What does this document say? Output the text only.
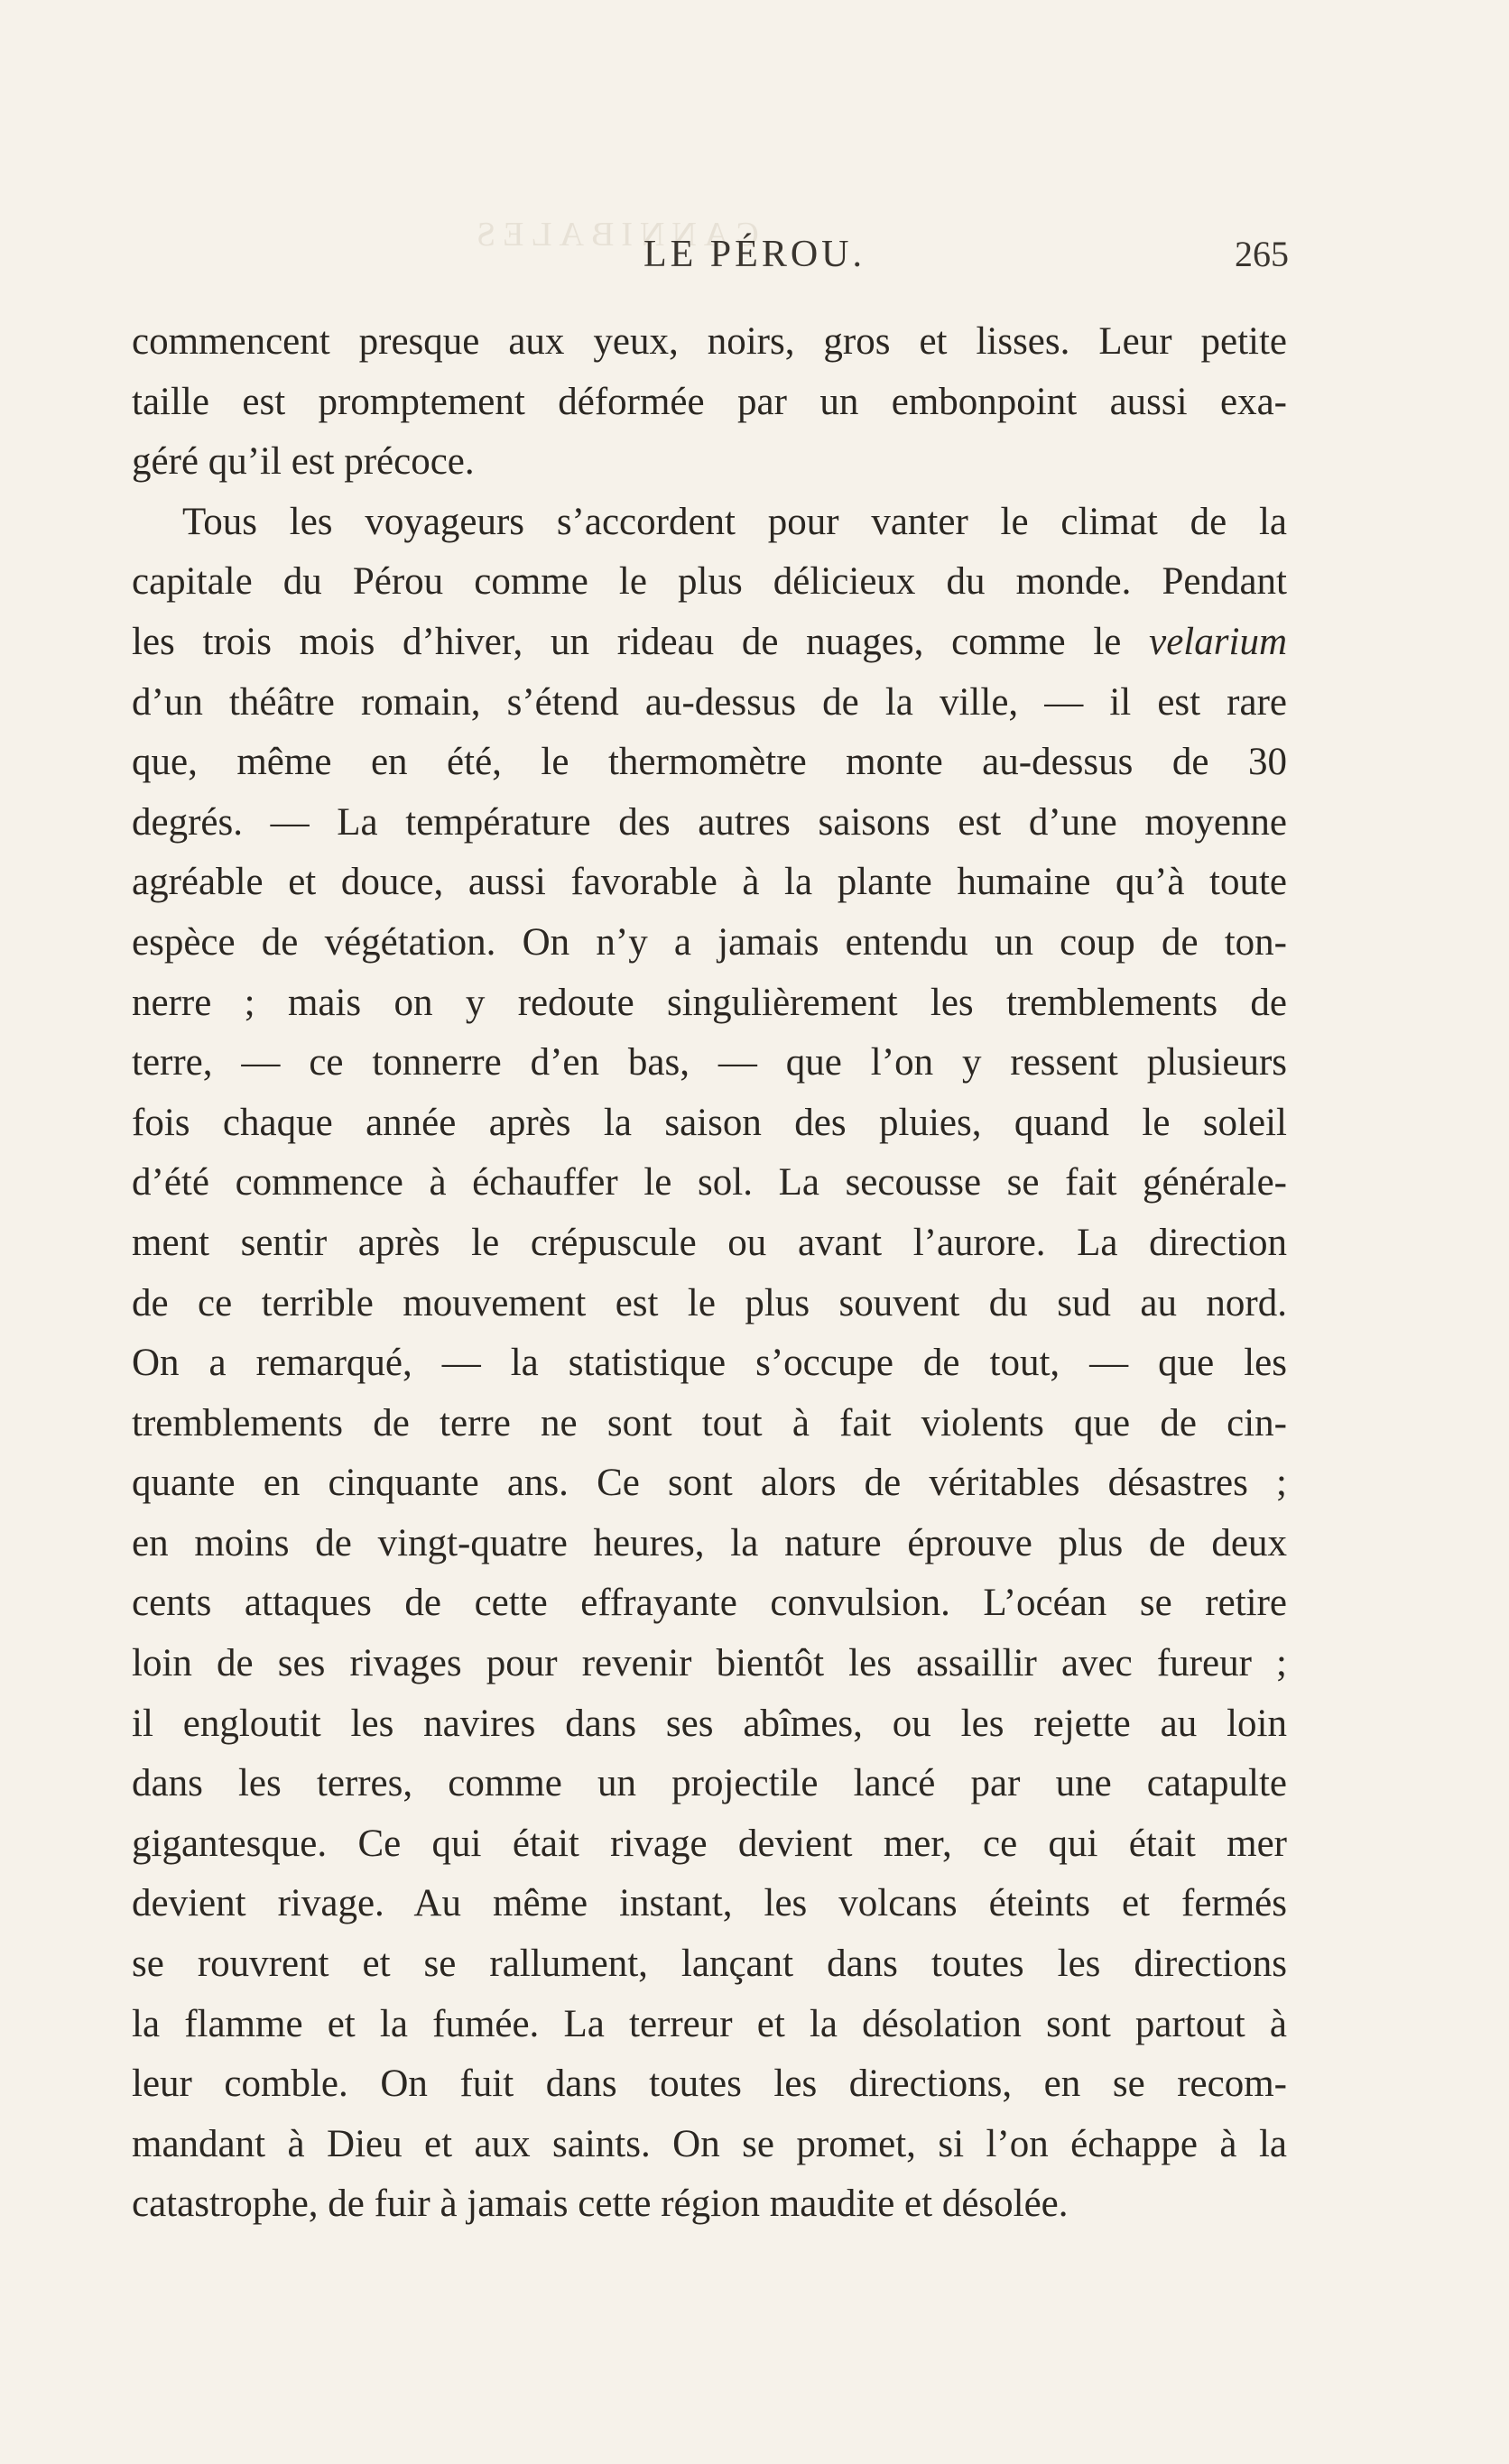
CANNIBALES
LE PÉROU.	265
commencent presque aux yeux, noirs, gros et lisses. Leur petite
taille est promptement déformée par un embonpoint aussi exa-
géré qu’il est précoce.
Tous les voyageurs s’accordent pour vanter le climat de la
capitale du Pérou comme le plus délicieux du monde. Pendant
les trois mois d’hiver, un rideau de nuages, comme le velarium
d’un théâtre romain, s’étend au-dessus de la ville, — il est rare
que, même en été, le thermomètre monte au-dessus de 30
degrés. — La température des autres saisons est d’une moyenne
agréable et douce, aussi favorable à la plante humaine qu’à toute
espèce de végétation. On n’y a jamais entendu un coup de ton-
nerre ; mais on y redoute singulièrement les tremblements de
terre, — ce tonnerre d’en bas, — que l’on y ressent plusieurs
fois chaque année après la saison des pluies, quand le soleil
d’été commence à échauffer le sol. La secousse se fait générale-
ment sentir après le crépuscule ou avant l’aurore. La direction
de ce terrible mouvement est le plus souvent du sud au nord.
On a remarqué, — la statistique s’occupe de tout, — que les
tremblements de terre ne sont tout à fait violents que de cin-
quante en cinquante ans. Ce sont alors de véritables désastres ;
en moins de vingt-quatre heures, la nature éprouve plus de deux
cents attaques de cette effrayante convulsion. L’océan se retire
loin de ses rivages pour revenir bientôt les assaillir avec fureur ;
il engloutit les navires dans ses abîmes, ou les rejette au loin
dans les terres, comme un projectile lancé par une catapulte
gigantesque. Ce qui était rivage devient mer, ce qui était mer
devient rivage. Au même instant, les volcans éteints et fermés
se rouvrent et se rallument, lançant dans toutes les directions
la flamme et la fumée. La terreur et la désolation sont partout à
leur comble. On fuit dans toutes les directions, en se recom-
mandant à Dieu et aux saints. On se promet, si l’on échappe à la
catastrophe, de fuir à jamais cette région maudite et désolée.
